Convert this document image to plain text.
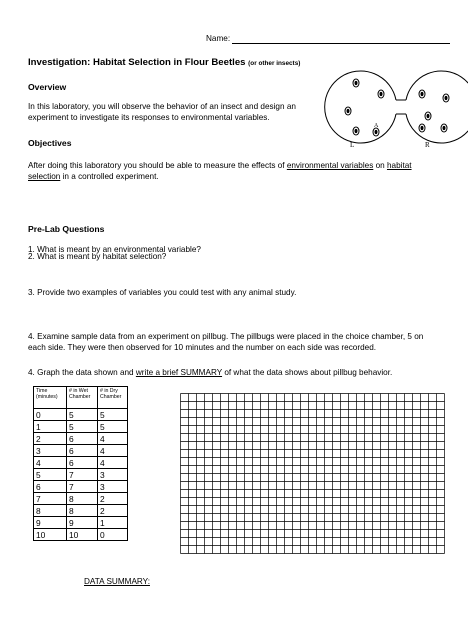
Name:
Investigation: Habitat Selection in Flour Beetles (or other insects)
A
L	R
Overview
In this laboratory, you will observe the behavior of an insect and design an
experiment to investigate its responses to environmental variables.
Objectives
After doing this laboratory you should be able to measure the effects of environmental variables on habitat
selection in a controlled experiment.
Pre-Lab Questions
1. What is meant by an environmental variable?
2. What is meant by habitat selection?
3. Provide two examples of variables you could test with any animal study.
4. Examine sample data from an experiment on pillbug. The pillbugs were placed in the choice chamber, 5 on
each side. They were then observed for 10 minutes and the number on each side was recorded.
4. Graph the data shown and write a brief SUMMARY of what the data shows about pillbug behavior.
Time (minutes)	# in Wet Chamber	# in Dry Chamber
0	5	5
1	5	5
2	6	4
3	6	4
4	6	4
5	7	3
6	7	3
7	8	2
8	8	2
9	9	1
10	10	0
DATA SUMMARY:
